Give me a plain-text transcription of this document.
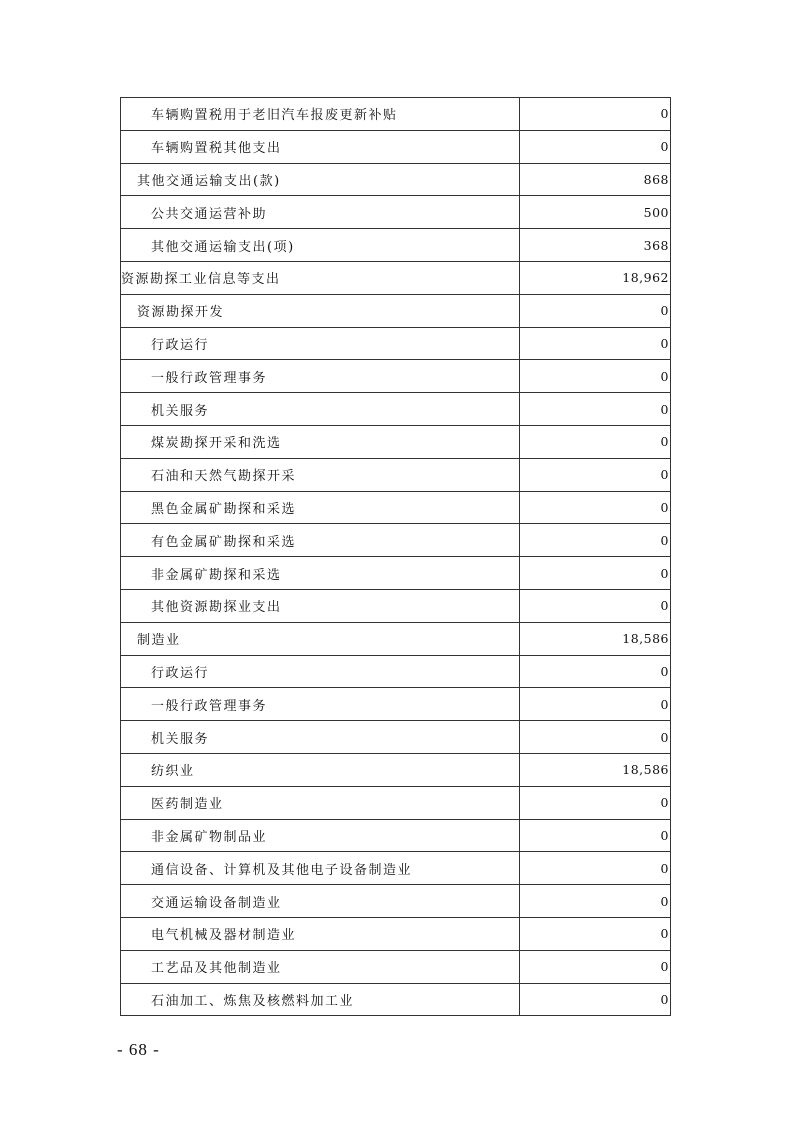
车辆购置税用于老旧汽车报废更新补贴	0
车辆购置税其他支出	0
其他交通运输支出(款)	868
公共交通运营补助	500
其他交通运输支出(项)	368
资源勘探工业信息等支出	18,962
资源勘探开发	0
行政运行	0
一般行政管理事务	0
机关服务	0
煤炭勘探开采和洗选	0
石油和天然气勘探开采	0
黑色金属矿勘探和采选	0
有色金属矿勘探和采选	0
非金属矿勘探和采选	0
其他资源勘探业支出	0
制造业	18,586
行政运行	0
一般行政管理事务	0
机关服务	0
纺织业	18,586
医药制造业	0
非金属矿物制品业	0
通信设备、计算机及其他电子设备制造业	0
交通运输设备制造业	0
电气机械及器材制造业	0
工艺品及其他制造业	0
石油加工、炼焦及核燃料加工业	0
- 68 -
